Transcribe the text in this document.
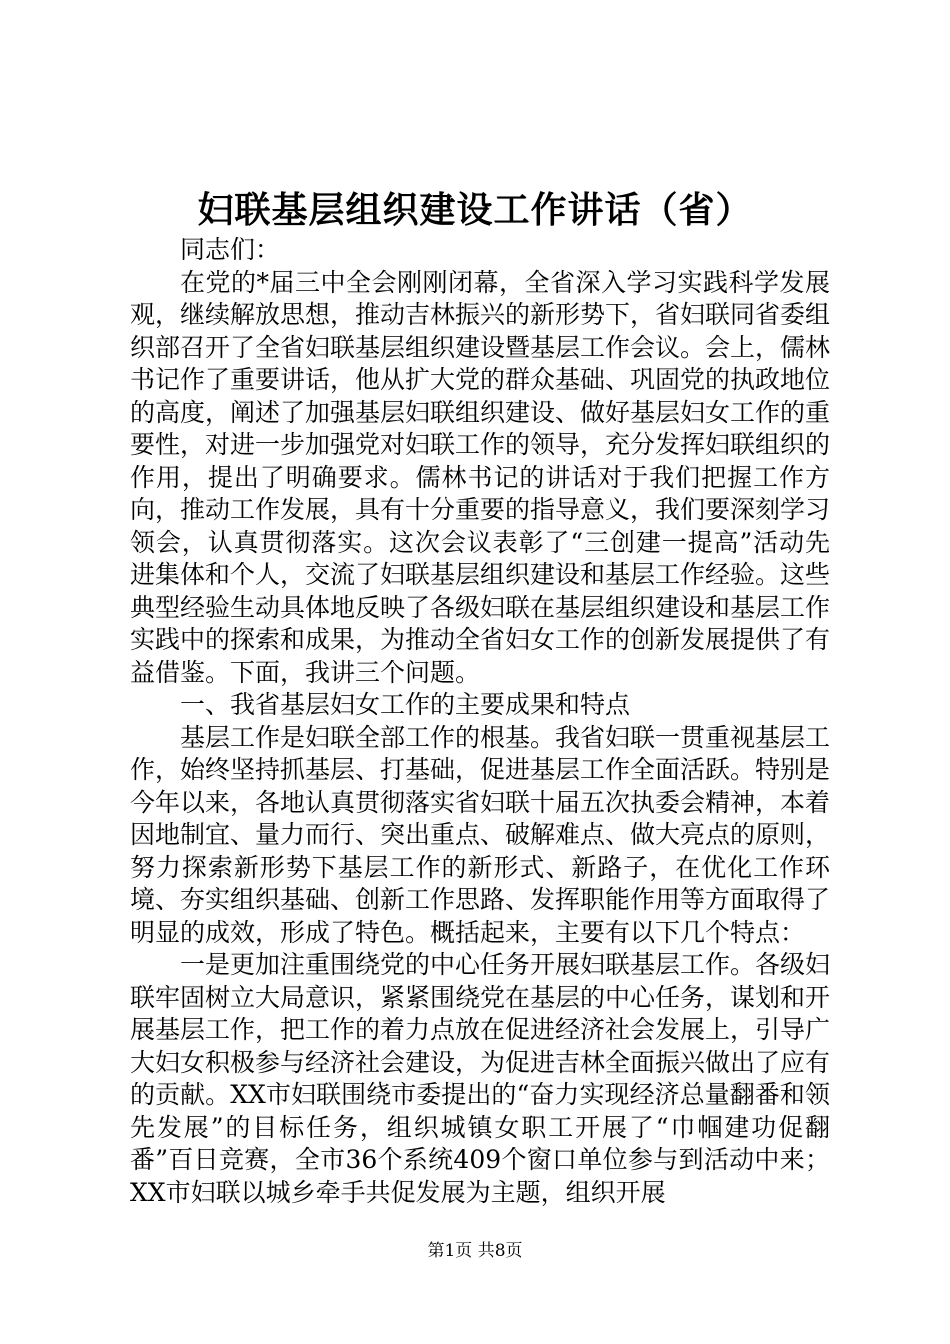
妇联基层组织建设工作讲话（省）

同志们：

在党的*届三中全会刚刚闭幕，全省深入学习实践科学发展观，继续解放思想，推动吉林振兴的新形势下，省妇联同省委组织部召开了全省妇联基层组织建设暨基层工作会议。会上，儒林书记作了重要讲话，他从扩大党的群众基础、巩固党的执政地位的高度，阐述了加强基层妇联组织建设、做好基层妇女工作的重要性，对进一步加强党对妇联工作的领导，充分发挥妇联组织的作用，提出了明确要求。儒林书记的讲话对于我们把握工作方向，推动工作发展，具有十分重要的指导意义，我们要深刻学习领会，认真贯彻落实。这次会议表彰了“三创建一提高”活动先进集体和个人，交流了妇联基层组织建设和基层工作经验。这些典型经验生动具体地反映了各级妇联在基层组织建设和基层工作实践中的探索和成果，为推动全省妇女工作的创新发展提供了有益借鉴。下面，我讲三个问题。

一、我省基层妇女工作的主要成果和特点

基层工作是妇联全部工作的根基。我省妇联一贯重视基层工作，始终坚持抓基层、打基础，促进基层工作全面活跃。特别是今年以来，各地认真贯彻落实省妇联十届五次执委会精神，本着因地制宜、量力而行、突出重点、破解难点、做大亮点的原则，努力探索新形势下基层工作的新形式、新路子，在优化工作环境、夯实组织基础、创新工作思路、发挥职能作用等方面取得了明显的成效，形成了特色。概括起来，主要有以下几个特点：

一是更加注重围绕党的中心任务开展妇联基层工作。各级妇联牢固树立大局意识，紧紧围绕党在基层的中心任务，谋划和开展基层工作，把工作的着力点放在促进经济社会发展上，引导广大妇女积极参与经济社会建设，为促进吉林全面振兴做出了应有的贡献。XX市妇联围绕市委提出的“奋力实现经济总量翻番和领先发展”的目标任务，组织城镇女职工开展了“巾帼建功促翻番”百日竞赛，全市36个系统409个窗口单位参与到活动中来；XX市妇联以城乡牵手共促发展为主题，组织开展

第1页 共8页
